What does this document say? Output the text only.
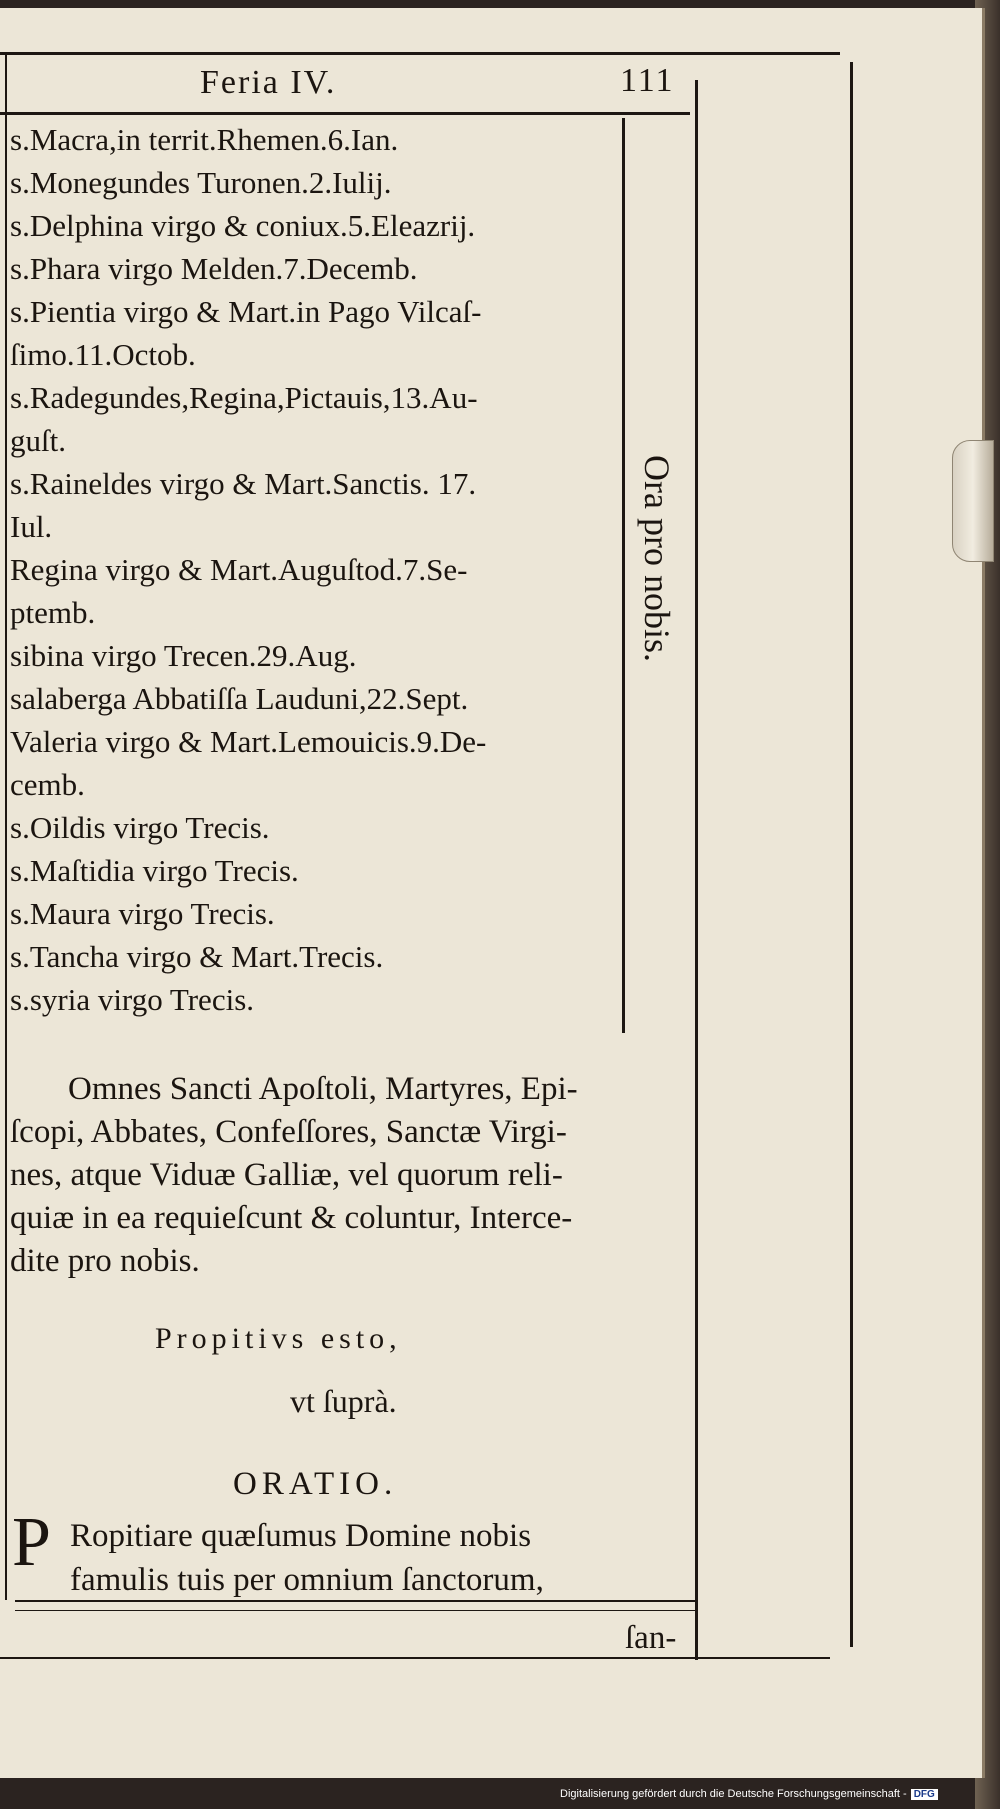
Feria IV.	111
s.Macra,in territ.Rhemen.6.Ian.
s.Monegundes Turonen.2.Iulij.
s.Delphina virgo & coniux.5.Eleazrij.
s.Phara virgo Melden.7.Decemb.
s.Pientia virgo & Mart.in Pago Vilcaſ-
ſimo.11.Octob.
s.Radegundes,Regina,Pictauis,13.Au-
guſt.
s.Raineldes virgo & Mart.Sanctis. 17.
Iul.
Regina virgo & Mart.Auguſtod.7.Se-
ptemb.
sibina virgo Trecen.29.Aug.
salaberga Abbatiſſa Lauduni,22.Sept.
Valeria virgo & Mart.Lemouicis.9.De-
cemb.
s.Oildis virgo Trecis.
s.Maſtidia virgo Trecis.
s.Maura virgo Trecis.
s.Tancha virgo & Mart.Trecis.
s.syria virgo Trecis.
Ora pro nobis.
Omnes Sancti Apoſtoli, Martyres, Epi-
ſcopi, Abbates, Confeſſores, Sanctæ Virgi-
nes, atque Viduæ Galliæ, vel quorum reli-
quiæ in ea requieſcunt & coluntur, Interce-
dite pro nobis.
Propitivs esto,
vt ſuprà.
ORATIO.
P Ropitiare quæſumus Domine nobis
famulis tuis per omnium ſanctorum,
ſan-
Digitalisierung gefördert durch die Deutsche Forschungsgemeinschaft - DFG
